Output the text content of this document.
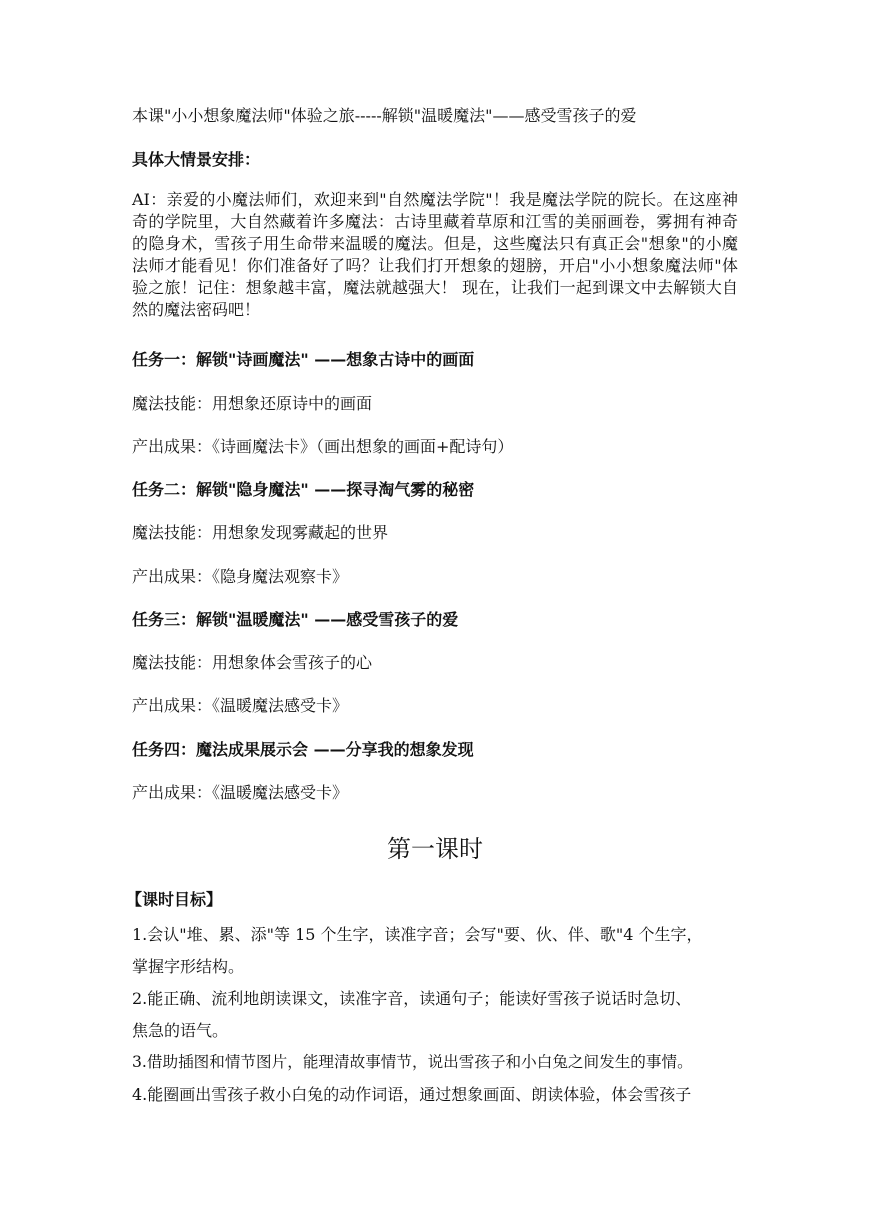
本课"小小想象魔法师"体验之旅-----解锁"温暖魔法"——感受雪孩子的爱
具体大情景安排：
AI：亲爱的小魔法师们，欢迎来到"自然魔法学院"！我是魔法学院的院长。在这座神奇的学院里，大自然藏着许多魔法：古诗里藏着草原和江雪的美丽画卷，雾拥有神奇的隐身术，雪孩子用生命带来温暖的魔法。但是，这些魔法只有真正会"想象"的小魔法师才能看见！你们准备好了吗？让我们打开想象的翅膀，开启"小小想象魔法师"体验之旅！记住：想象越丰富，魔法就越强大！ 现在，让我们一起到课文中去解锁大自然的魔法密码吧！
任务一：解锁"诗画魔法" ——想象古诗中的画面
魔法技能：用想象还原诗中的画面
产出成果：《诗画魔法卡》（画出想象的画面+配诗句）
任务二：解锁"隐身魔法" ——探寻淘气雾的秘密
魔法技能：用想象发现雾藏起的世界
产出成果：《隐身魔法观察卡》
任务三：解锁"温暖魔法" ——感受雪孩子的爱
魔法技能：用想象体会雪孩子的心
产出成果：《温暖魔法感受卡》
任务四：魔法成果展示会 ——分享我的想象发现
产出成果：《温暖魔法感受卡》
第一课时
【课时目标】
1.会认"堆、累、添"等 15 个生字，读准字音；会写"要、伙、伴、歌"4 个生字，
掌握字形结构。
2.能正确、流利地朗读课文，读准字音，读通句子；能读好雪孩子说话时急切、
焦急的语气。
3.借助插图和情节图片，能理清故事情节，说出雪孩子和小白兔之间发生的事情。
4.能圈画出雪孩子救小白兔的动作词语，通过想象画面、朗读体验，体会雪孩子
